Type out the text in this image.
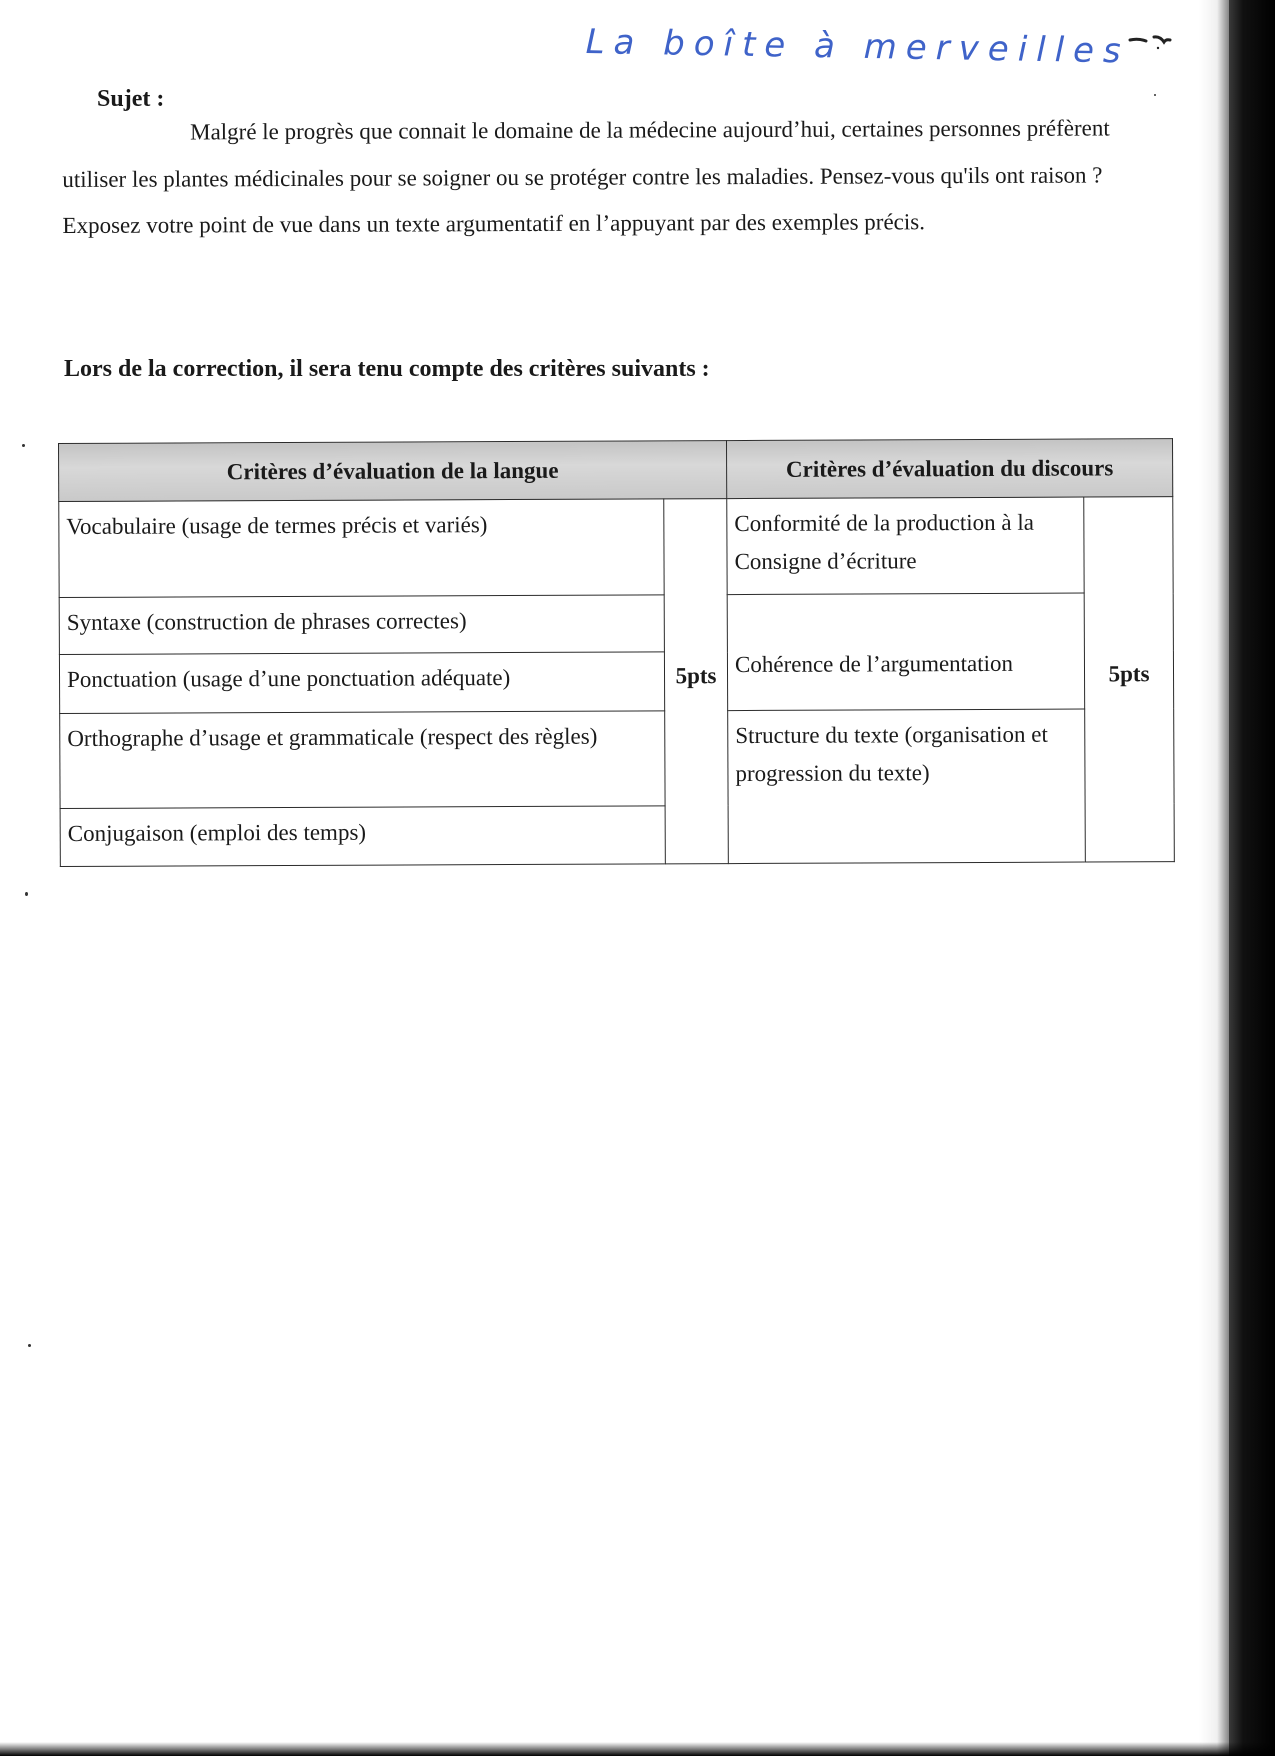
La boîte à merveilles
Sujet :
Malgré le progrès que connait le domaine de la médecine aujourd’hui, certaines personnes préfèrent utiliser les plantes médicinales pour se soigner ou se protéger contre les maladies. Pensez-vous qu'ils ont raison ? Exposez votre point de vue dans un texte argumentatif en l’appuyant par des exemples précis.
Lors de la correction, il sera tenu compte des critères suivants :
Critères d’évaluation de la langue		Critères d’évaluation du discours	

Vocabulaire (usage de termes précis et variés)	5pts	Conformité de la production à la Consigne d’écriture	5pts

Syntaxe (construction de phrases correctes)		Cohérence de l’argumentation	

Ponctuation (usage d’une ponctuation adéquate)			

Orthographe d’usage et grammaticale (respect des règles)		Structure du texte (organisation et progression du texte)	

Conjugaison (emploi des temps)			
